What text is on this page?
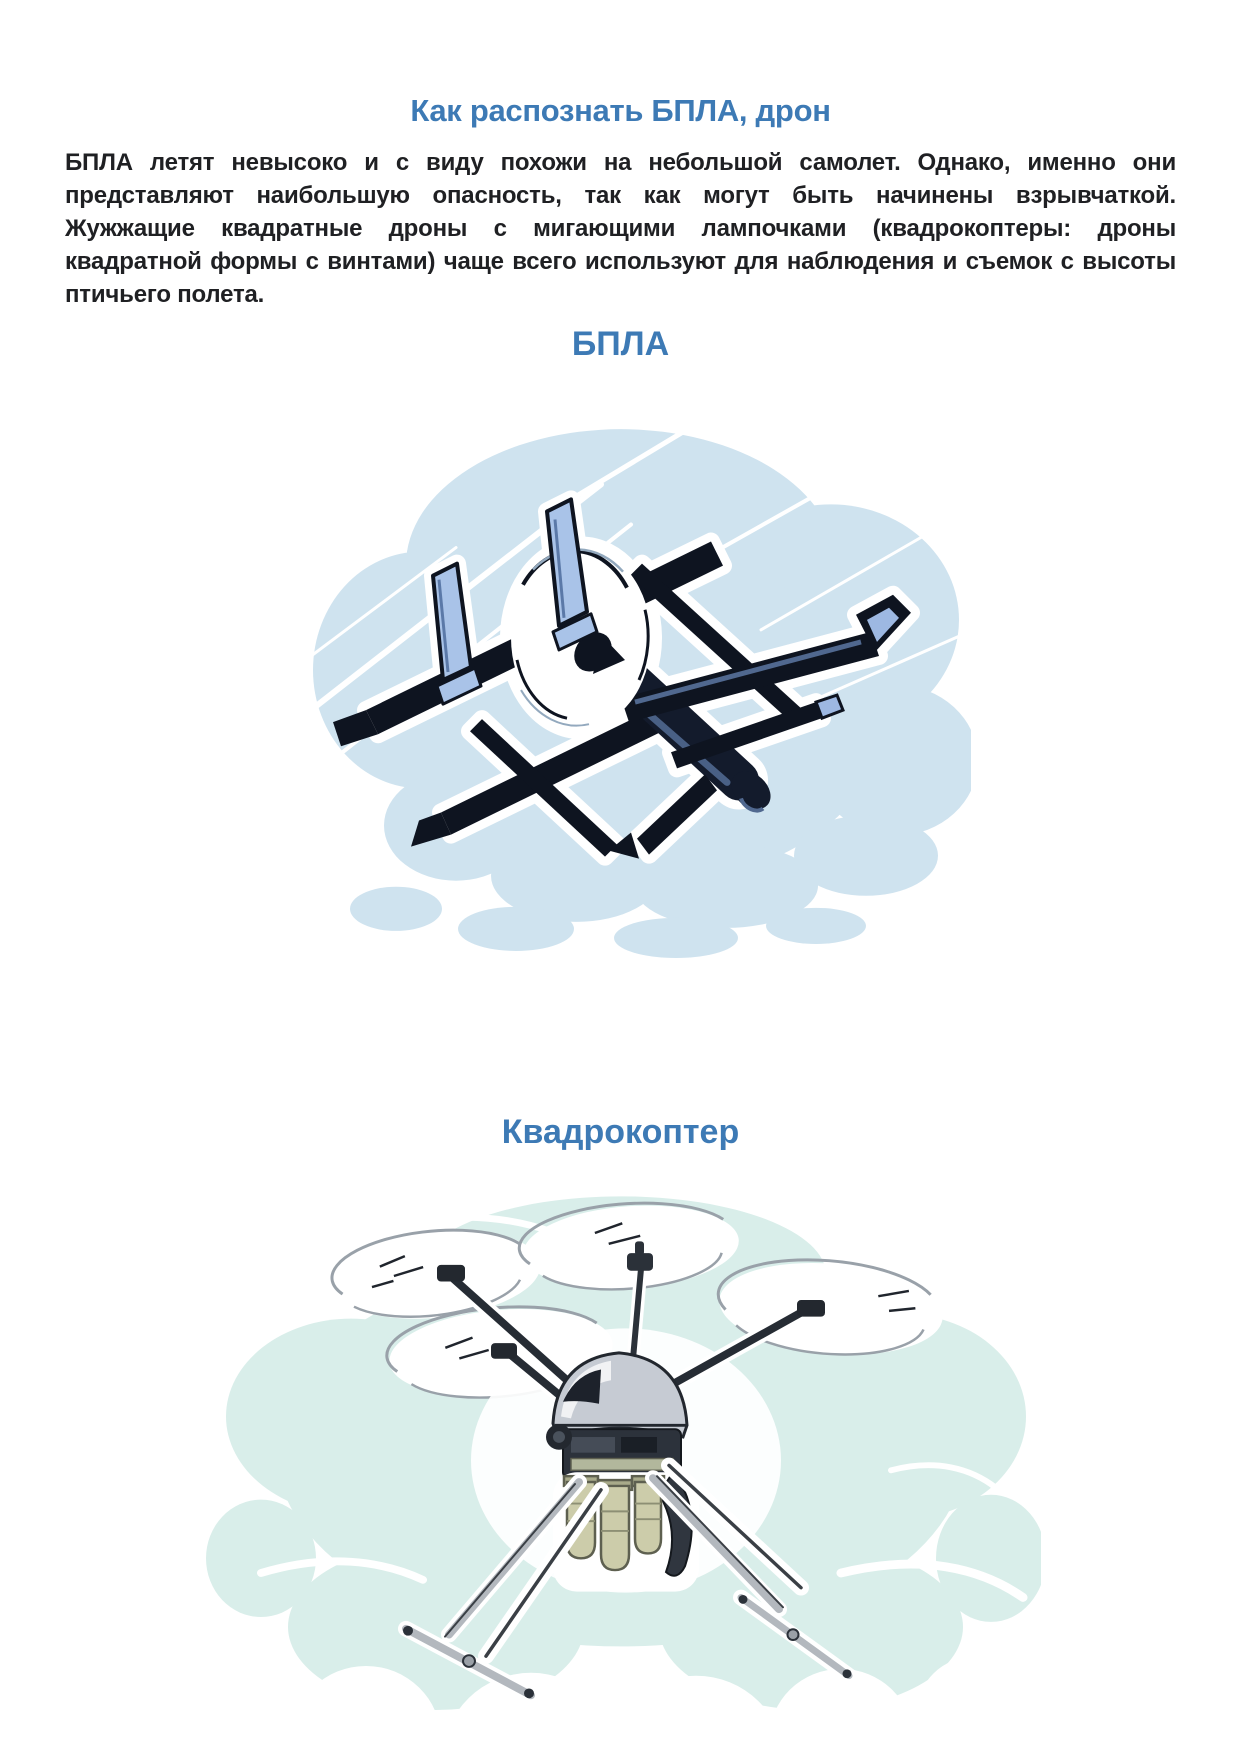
Как распознать БПЛА, дрон

БПЛА летят невысоко и с виду похожи на небольшой самолет. Однако, именно они представляют наибольшую опасность, так как могут быть начинены взрывчаткой. Жужжащие квадратные дроны с мигающими лампочками (квадрокоптеры: дроны квадратной формы с винтами) чаще всего используют для наблюдения и съемок с высоты птичьего полета.

БПЛА
Квадрокоптер
